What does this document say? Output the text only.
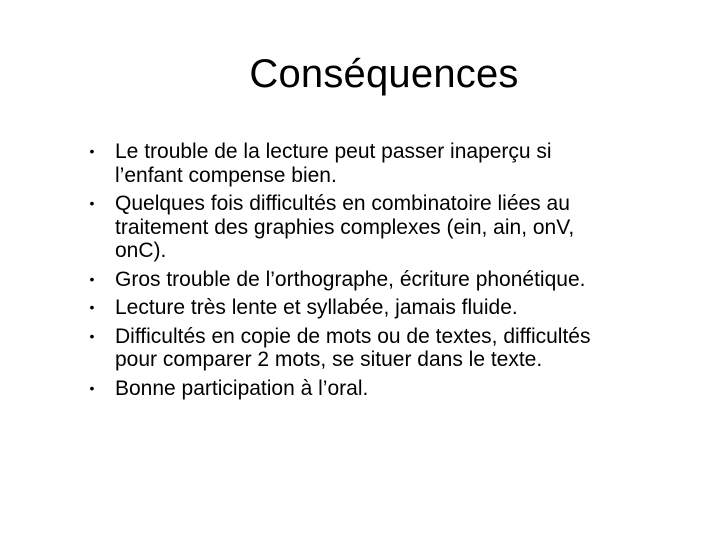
Conséquences
• Le trouble de la lecture peut passer inaperçu si
l’enfant compense bien.
• Quelques fois difficultés en combinatoire liées au
traitement des graphies complexes (ein, ain, onV,
onC).
• Gros trouble de l’orthographe, écriture phonétique.
• Lecture très lente et syllabée, jamais fluide.
• Difficultés en copie de mots ou de textes, difficultés
pour comparer 2 mots, se situer dans le texte.
• Bonne participation à l’oral.
